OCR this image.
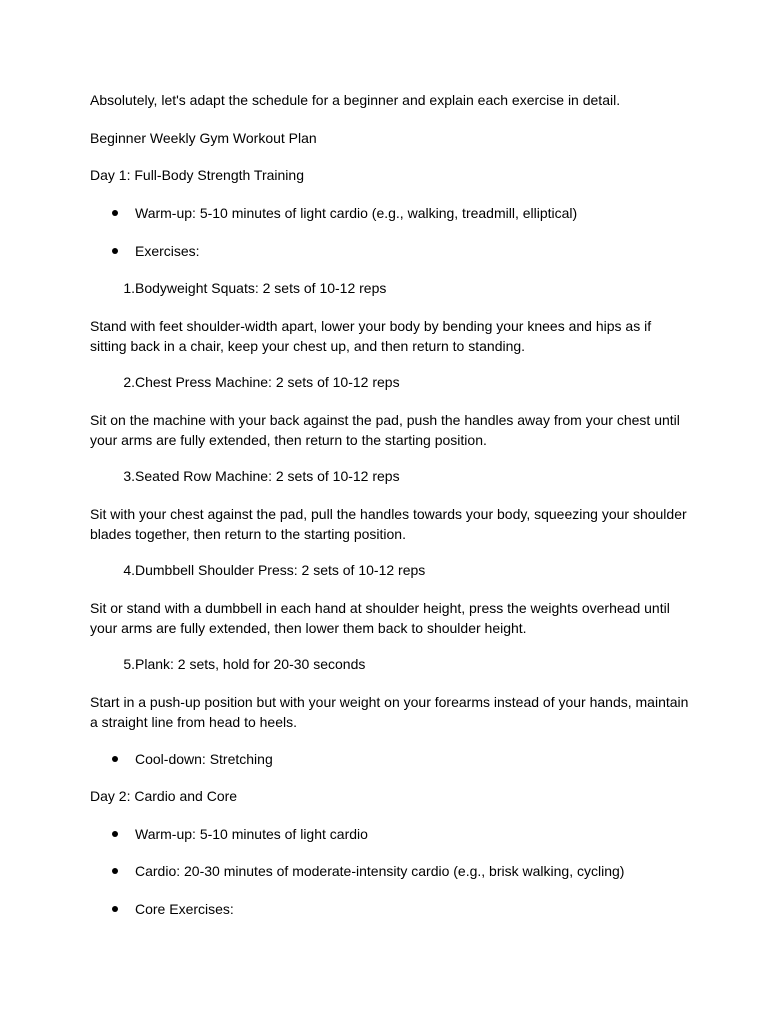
Absolutely, let's adapt the schedule for a beginner and explain each exercise in detail.
Beginner Weekly Gym Workout Plan
Day 1: Full-Body Strength Training
Warm-up: 5-10 minutes of light cardio (e.g., walking, treadmill, elliptical)
Exercises:
1.Bodyweight Squats: 2 sets of 10-12 reps
Stand with feet shoulder-width apart, lower your body by bending your knees and hips as if sitting back in a chair, keep your chest up, and then return to standing.
2.Chest Press Machine: 2 sets of 10-12 reps
Sit on the machine with your back against the pad, push the handles away from your chest until your arms are fully extended, then return to the starting position.
3.Seated Row Machine: 2 sets of 10-12 reps
Sit with your chest against the pad, pull the handles towards your body, squeezing your shoulder blades together, then return to the starting position.
4.Dumbbell Shoulder Press: 2 sets of 10-12 reps
Sit or stand with a dumbbell in each hand at shoulder height, press the weights overhead until your arms are fully extended, then lower them back to shoulder height.
5.Plank: 2 sets, hold for 20-30 seconds
Start in a push-up position but with your weight on your forearms instead of your hands, maintain a straight line from head to heels.
Cool-down: Stretching
Day 2: Cardio and Core
Warm-up: 5-10 minutes of light cardio
Cardio: 20-30 minutes of moderate-intensity cardio (e.g., brisk walking, cycling)
Core Exercises:
